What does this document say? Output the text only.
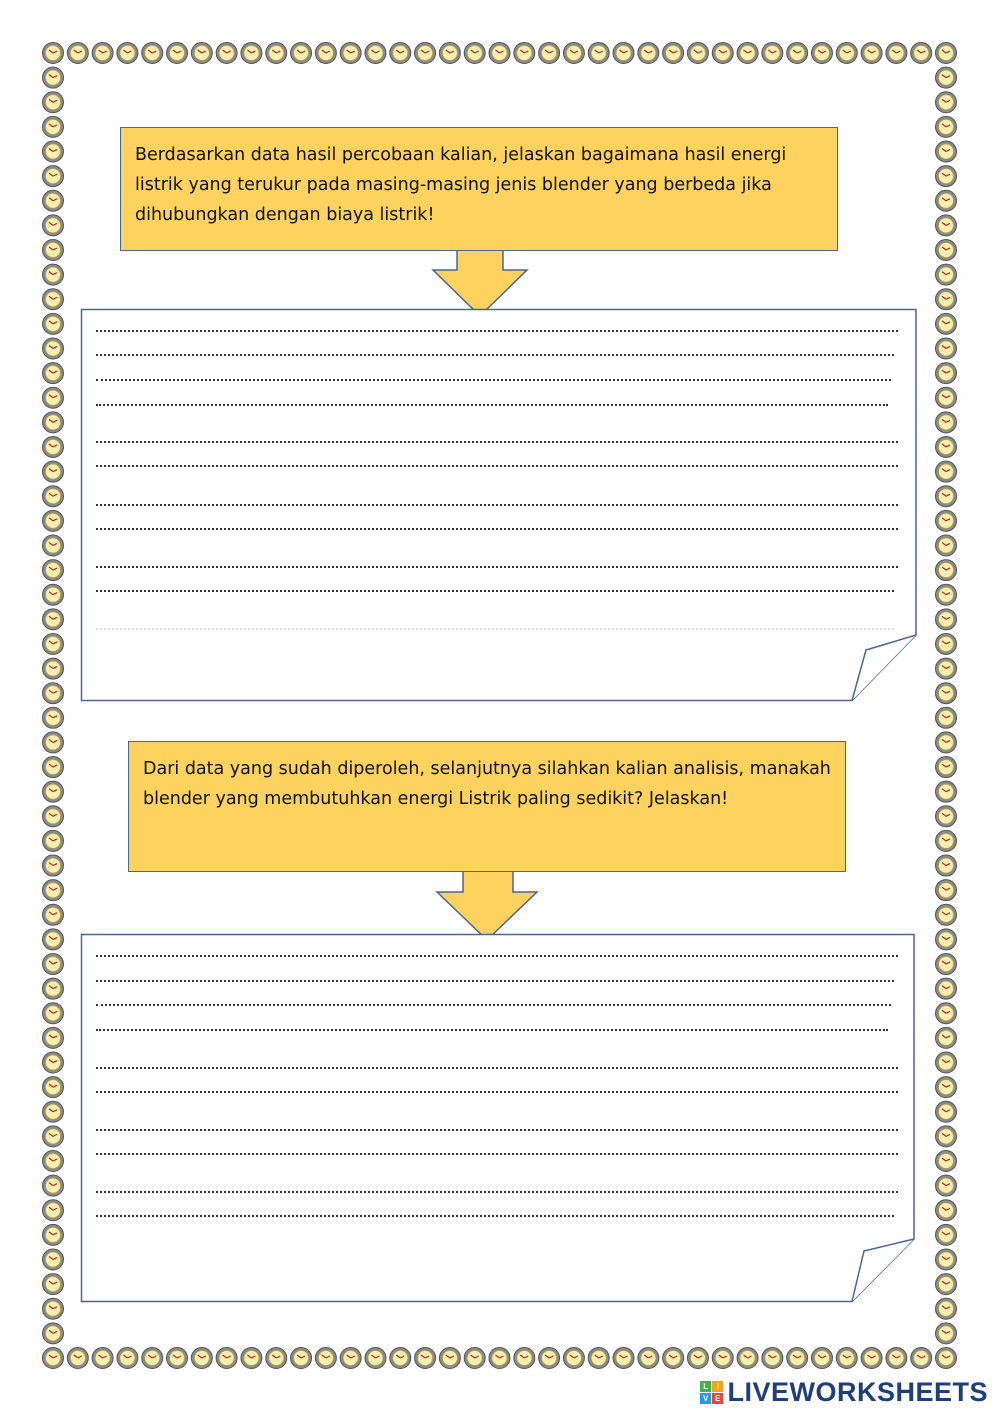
Berdasarkan data hasil percobaan kalian, jelaskan bagaimana hasil energi listrik yang terukur pada masing-masing jenis blender yang berbeda jika dihubungkan dengan biaya listrik!
Dari data yang sudah diperoleh, selanjutnya silahkan kalian analisis, manakah blender yang membutuhkan energi Listrik paling sedikit? Jelaskan!
L I
V E LIVEWORKSHEETS
